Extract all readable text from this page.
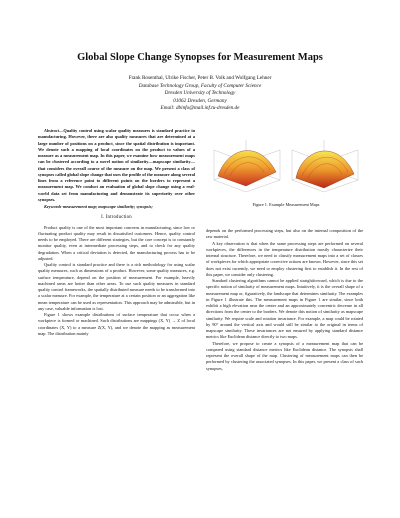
Global Slope Change Synopses for Measurement Maps
Frank Rosenthal, Ulrike Fischer, Peter B. Volk and Wolfgang Lehner
Database Technology Group, Faculty of Computer Science
Dresden University of Technology
01062 Dresden, Germany
Email: dbinfo@mail.inf.tu-dresden.de

Abstract—Quality control using scalar quality measures is standard practice in manufacturing. However, there are also quality measures that are determined at a large number of positions on a product, since the spatial distribution is important. We denote such a mapping of local coordinates on the product to values of a measure as a measurement map. In this paper, we examine how measurement maps can be clustered according to a novel notion of similarity—mapscape similarity—that considers the overall course of the measure on the map. We present a class of synopses called global slope change that uses the profile of the measure along several lines from a reference point to different points on the borders to represent a measurement map. We conduct an evaluation of global slope change using a real-world data set from manufacturing and demonstrate its superiority over other synopses.

Keywords-measurement map; mapscape similarity; synopsis;

I. Introduction

Product quality is one of the most important concerns in manufacturing, since low or fluctuating product quality may result in dissatisfied customers. Hence, quality control needs to be employed. There are different strategies, but the core concept is to constantly monitor quality, even at intermediate processing steps, and to check for any quality degradation. When a critical deviation is detected, the manufacturing process has to be adjusted.

Quality control is standard practice and there is a rich methodology for using scalar quality measures, such as dimensions of a product. However, some quality measures, e.g. surface temperature, depend on the position of measurement. For example, heavily machined areas are hotter than other areas. To use such quality measures in standard quality control frameworks, the spatially distributed measure needs to be transformed into a scalar measure. For example, the temperature at a certain position or an aggregation like mean temperature can be used as representation. This approach may be admissible, but in any case, valuable information is lost.

Figure 1 shows example distributions of surface temperature that occur when a workpiece is formed or machined. Such distributions are mappings (X, Y) → Z of local coordinates (X, Y) to a measure Z(X, Y), and we denote the mapping as measurement map. The distribution mainly

Figure 1. Example Measurement Maps

depends on the performed processing steps, but also on the internal composition of the raw material.

A key observation is that when the same processing steps are performed on several workpieces, the differences in the temperature distribution mostly characterize their internal structure. Therefore, we need to classify measurement maps into a set of classes of workpieces for which appropriate corrective actions are known. However, since this set does not exist currently, we need to employ clustering first to establish it. In the rest of this paper, we consider only clustering.

Standard clustering algorithms cannot be applied straightforward, which is due to the specific notion of similarity of measurement maps. Intuitively, it is the overall shape of a measurement map or, figuratively, the landscape that determines similarity. The examples in Figure 1 illustrate this. The measurement maps in Figure 1 are similar, since both exhibit a high elevation near the center and an approximately concentric decrease in all directions from the center to the borders. We denote this notion of similarity as mapscape similarity. We require scale and rotation invariance. For example, a map could be rotated by 90° around the vertical axis and would still be similar to the original in terms of mapscape similarity. These invariances are not ensured by applying standard distance metrics like Euclidean distance directly to two maps.

Therefore, we propose to create a synopsis of a measurement map that can be compared using standard distance metrics like Euclidean distance. The synopsis shall represent the overall shape of the map. Clustering of measurement maps can then be performed by clustering the associated synopses. In this paper, we present a class of such synopses,
